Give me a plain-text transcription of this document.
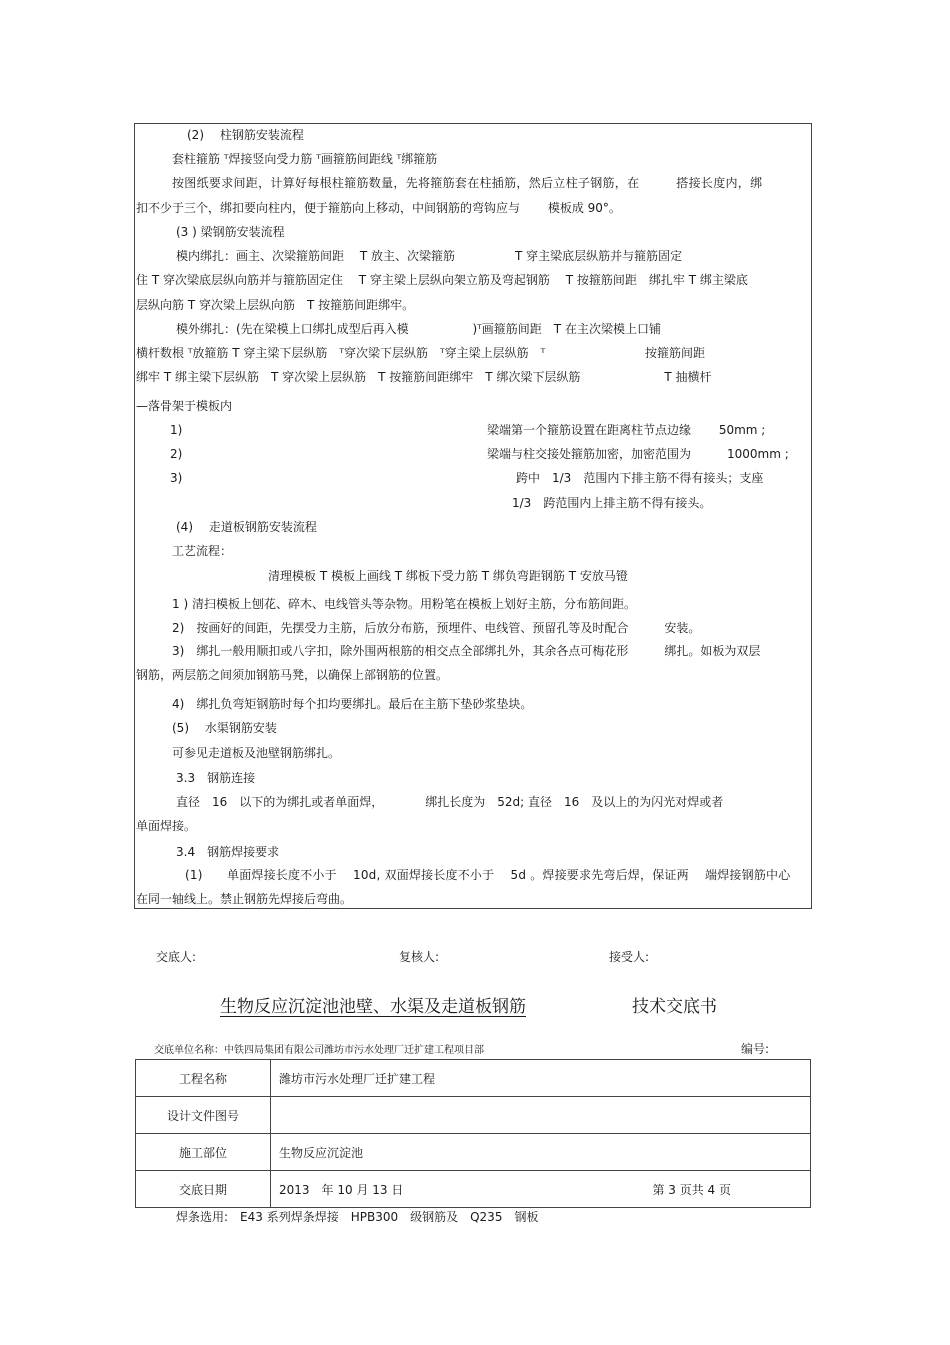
(2)　 柱钢筋安装流程
套柱箍筋 ᵀ焊接竖向受力筋 ᵀ画箍筋间距线 ᵀ绑箍筋
按图纸要求间距，计算好每根柱箍筋数量，先将箍筋套在柱插筋，然后立柱子钢筋，在　　　搭接长度内，绑
扣不少于三个，绑扣要向柱内，便于箍筋向上移动，中间钢筋的弯钩应与　　 模板成 90°。
(3 ) 梁钢筋安装流程
模内绑扎：画主、次梁箍筋间距　 T 放主、次梁箍筋　　　　　T 穿主梁底层纵筋并与箍筋固定
住 T 穿次梁底层纵向筋并与箍筋固定住　 T 穿主梁上层纵向架立筋及弯起钢筋　 T 按箍筋间距　绑扎牢 T 绑主梁底
层纵向筋 T 穿次梁上层纵向筋　T 按箍筋间距绑牢。
模外绑扎：(先在梁模上口绑扎成型后再入模　　　　　 )ᵀ画箍筋间距　T 在主次梁模上口铺
横杆数根 ᵀ放箍筋 T 穿主梁下层纵筋　ᵀ穿次梁下层纵筋　ᵀ穿主梁上层纵筋　ᵀ　　　　　　　　 按箍筋间距
绑牢 T 绑主梁下层纵筋　T 穿次梁上层纵筋　T 按箍筋间距绑牢　T 绑次梁下层纵筋　　　　　　　T 抽横杆
—落骨架于模板内
1)	梁端第一个箍筋设置在距离柱节点边缘　　 50mm ;
2)	梁端与柱交接处箍筋加密，加密范围为　　　1000mm ;
3)	跨中　1/3　范围内下排主筋不得有接头；支座
1/3　跨范围内上排主筋不得有接头。
(4)　 走道板钢筋安装流程
工艺流程：
清理模板 T 模板上画线 T 绑板下受力筋 T 绑负弯距钢筋 T 安放马镫
1 ) 清扫模板上刨花、碎木、电线管头等杂物。用粉笔在模板上划好主筋，分布筋间距。
2)　按画好的间距，先摆受力主筋，后放分布筋，预埋件、电线管、预留孔等及时配合　　　安装。
3)　绑扎一般用顺扣或八字扣，除外围两根筋的相交点全部绑扎外，其余各点可梅花形　　　绑扎。如板为双层
钢筋，两层筋之间须加钢筋马凳，以确保上部钢筋的位置。
4)　绑扎负弯矩钢筋时每个扣均要绑扎。最后在主筋下垫砂浆垫块。
(5)　 水渠钢筋安装
可参见走道板及池壁钢筋绑扎。
3.3　钢筋连接
直径　16　以下的为绑扎或者单面焊，　　　　绑扎长度为　52d; 直径　16　及以上的为闪光对焊或者
单面焊接。
3.4　钢筋焊接要求
(1)　　单面焊接长度不小于　 10d, 双面焊接长度不小于　 5d 。焊接要求先弯后焊，保证两　 端焊接钢筋中心
在同一轴线上。禁止钢筋先焊接后弯曲。
交底人:	复核人:	接受人:
生物反应沉淀池池壁、水渠及走道板钢筋	技术交底书
交底单位名称：中铁四局集团有限公司潍坊市污水处理厂迁扩建工程项目部	编号:
工程名称	潍坊市污水处理厂迁扩建工程
设计文件图号	
施工部位	生物反应沉淀池
交底日期	2013　年 10 月 13 日 第 3 页共 4 页
焊条选用:　E43 系列焊条焊接　HPB300　级钢筋及　Q235　钢板
